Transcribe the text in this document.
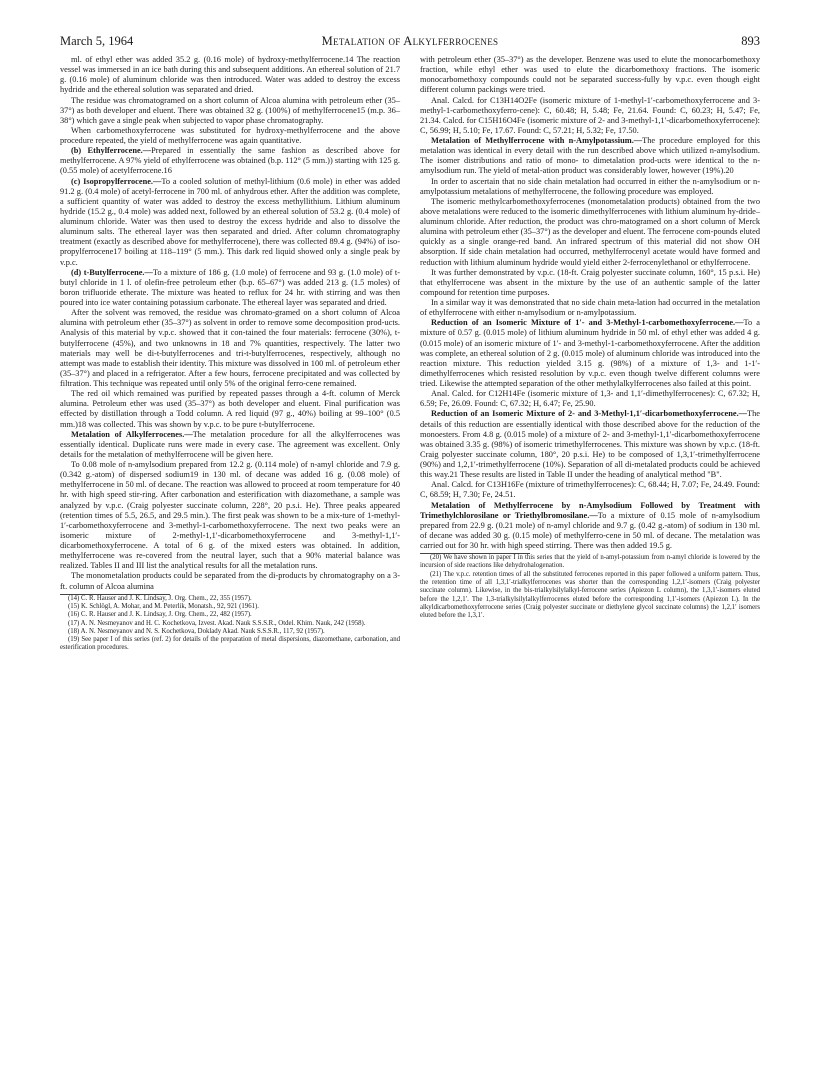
March 5, 1964	Metalation of Alkylferrocenes	893

ml. of ethyl ether was added 35.2 g. (0.16 mole) of hydroxy-methylferrocene.14 The reaction vessel was immersed in an ice bath during this and subsequent additions. An ethereal solution of 21.7 g. (0.16 mole) of aluminum chloride was then introduced. Water was added to destroy the excess hydride and the ethereal solution was separated and dried.

The residue was chromatogramed on a short column of Alcoa alumina with petroleum ether (35–37°) as both developer and eluent. There was obtained 32 g. (100%) of methylferrocene15 (m.p. 36–38°) which gave a single peak when subjected to vapor phase chromatography.

When carbomethoxyferrocene was substituted for hydroxy-methylferrocene and the above procedure repeated, the yield of methylferrocene was again quantitative.

(b) Ethylferrocene.—Prepared in essentially the same fashion as described above for methylferrocene. A 97% yield of ethylferrocene was obtained (b.p. 112° (5 mm.)) starting with 125 g. (0.55 mole) of acetylferrocene.16

(c) Isopropylferrocene.—To a cooled solution of methyl-lithium (0.6 mole) in ether was added 91.2 g. (0.4 mole) of acetyl-ferrocene in 700 ml. of anhydrous ether. After the addition was complete, a sufficient quantity of water was added to destroy the excess methyllithium. Lithium aluminum hydride (15.2 g., 0.4 mole) was added next, followed by an ethereal solution of 53.2 g. (0.4 mole) of aluminum chloride. Water was then used to destroy the excess hydride and also to dissolve the aluminum salts. The ethereal layer was then separated and dried. After column chromatography treatment (exactly as described above for methylferrocene), there was collected 89.4 g. (94%) of iso-propylferrocene17 boiling at 118–119° (5 mm.). This dark red liquid showed only a single peak by v.p.c.

(d) t-Butylferrocene.—To a mixture of 186 g. (1.0 mole) of ferrocene and 93 g. (1.0 mole) of t-butyl chloride in 1 l. of olefin-free petroleum ether (b.p. 65–67°) was added 213 g. (1.5 moles) of boron trifluoride etherate. The mixture was heated to reflux for 24 hr. with stirring and was then poured into ice water containing potassium carbonate. The ethereal layer was separated and dried.

After the solvent was removed, the residue was chromato-gramed on a short column of Alcoa alumina with petroleum ether (35–37°) as solvent in order to remove some decomposition prod-ucts. Analysis of this material by v.p.c. showed that it con-tained the four materials: ferrocene (30%), t-butylferrocene (45%), and two unknowns in 18 and 7% quantities, respectively. The latter two materials may well be di-t-butylferrocenes and tri-t-butylferrocenes, respectively, although no attempt was made to establish their identity. This mixture was dissolved in 100 ml. of petroleum ether (35–37°) and placed in a refrigerator. After a few hours, ferrocene precipitated and was collected by filtration. This technique was repeated until only 5% of the original ferro-cene remained.

The red oil which remained was purified by repeated passes through a 4-ft. column of Merck alumina. Petroleum ether was used (35–37°) as both developer and eluent. Final purification was effected by distillation through a Todd column. A red liquid (97 g., 40%) boiling at 99–100° (0.5 mm.)18 was collected. This was shown by v.p.c. to be pure t-butylferrocene.

Metalation of Alkylferrocenes.—The metalation procedure for all the alkylferrocenes was essentially identical. Duplicate runs were made in every case. The agreement was excellent. Only details for the metalation of methylferrocene will be given here.

To 0.08 mole of n-amylsodium prepared from 12.2 g. (0.114 mole) of n-amyl chloride and 7.9 g. (0.342 g.-atom) of dispersed sodium19 in 130 ml. of decane was added 16 g. (0.08 mole) of methylferrocene in 50 ml. of decane. The reaction was allowed to proceed at room temperature for 40 hr. with high speed stir-ring. After carbonation and esterification with diazomethane, a sample was analyzed by v.p.c. (Craig polyester succinate column, 228°, 20 p.s.i. He). Three peaks appeared (retention times of 5.5, 26.5, and 29.5 min.). The first peak was shown to be a mix-ture of 1-methyl-1′-carbomethoxyferrocene and 3-methyl-1-carbomethoxyferrocene. The next two peaks were an isomeric mixture of 2-methyl-1,1′-dicarbomethoxyferrocene and 3-methyl-1,1′-dicarbomethoxyferrocene. A total of 6 g. of the mixed esters was obtained. In addition, methylferrocene was re-covered from the neutral layer, such that a 90% material balance was realized. Tables II and III list the analytical results for all the metalation runs.

The monometalation products could be separated from the di-products by chromatography on a 3-ft. column of Alcoa alumina

(14) C. R. Hauser and J. K. Lindsay, J. Org. Chem., 22, 355 (1957).

(15) K. Schlögl, A. Mohar, and M. Peterlik, Monatsh., 92, 921 (1961).

(16) C. R. Hauser and J. K. Lindsay, J. Org. Chem., 22, 482 (1957).

(17) A. N. Nesmeyanov and H. C. Kochetkova, Izvest. Akad. Nauk S.S.S.R., Otdel. Khim. Nauk, 242 (1958).

(18) A. N. Nesmeyanov and N. S. Kochetkova, Doklady Akad. Nauk S.S.S.R., 117, 92 (1957).

(19) See paper I of this series (ref. 2) for details of the preparation of metal dispersions, diazomethane, carbonation, and esterification procedures.

with petroleum ether (35–37°) as the developer. Benzene was used to elute the monocarbomethoxy fraction, while ethyl ether was used to elute the dicarbomethoxy fractions. The isomeric monocarbomethoxy compounds could not be separated success-fully by v.p.c. even though eight different column packings were tried.

Anal. Calcd. for C13H14O2Fe (isomeric mixture of 1-methyl-1′-carbomethoxyferrocene and 3-methyl-1-carbomethoxyferro-cene): C, 60.48; H, 5.48; Fe, 21.64. Found: C, 60.23; H, 5.47; Fe, 21.34. Calcd. for C15H16O4Fe (isomeric mixture of 2- and 3-methyl-1,1′-dicarbomethoxyferrocene): C, 56.99; H, 5.10; Fe, 17.67. Found: C, 57.21; H, 5.32; Fe, 17.50.

Metalation of Methylferrocene with n-Amylpotassium.—The procedure employed for this metalation was identical in every detail with the run described above which utilized n-amylsodium. The isomer distributions and ratio of mono- to dimetalation prod-ucts were identical to the n-amylsodium run. The yield of metal-ation product was considerably lower, however (19%).20

In order to ascertain that no side chain metalation had occurred in either the n-amylsodium or n-amylpotassium metalations of methylferrocene, the following procedure was employed.

The isomeric methylcarbomethoxyferrocenes (monometalation products) obtained from the two above metalations were reduced to the isomeric dimethylferrocenes with lithium aluminum hy-dride–aluminum chloride. After reduction, the product was chro-matogramed on a short column of Merck alumina with petroleum ether (35–37°) as the developer and eluent. The ferrocene com-pounds eluted quickly as a single orange-red band. An infrared spectrum of this material did not show OH absorption. If side chain metalation had occurred, methylferrocenyl acetate would have formed and reduction with lithium aluminum hydride would yield either 2-ferrocenylethanol or ethylferrocene.

It was further demonstrated by v.p.c. (18-ft. Craig polyester succinate column, 160°, 15 p.s.i. He) that ethylferrocene was absent in the mixture by the use of an authentic sample of the latter compound for retention time purposes.

In a similar way it was demonstrated that no side chain meta-lation had occurred in the metalation of ethylferrocene with either n-amylsodium or n-amylpotassium.

Reduction of an Isomeric Mixture of 1′- and 3-Methyl-1-carbomethoxyferrocene.—To a mixture of 0.57 g. (0.015 mole) of lithium aluminum hydride in 50 ml. of ethyl ether was added 4 g. (0.015 mole) of an isomeric mixture of 1′- and 3-methyl-1-carbomethoxyferrocene. After the addition was complete, an ethereal solution of 2 g. (0.015 mole) of aluminum chloride was introduced into the reaction mixture. This reduction yielded 3.15 g. (98%) of a mixture of 1,3- and 1-1′-dimethylferrocenes which resisted resolution by v.p.c. even though twelve different columns were tried. Likewise the attempted separation of the other methylalkylferrocenes also failed at this point.

Anal. Calcd. for C12H14Fe (isomeric mixture of 1,3- and 1,1′-dimethylferrocenes): C, 67.32; H, 6.59; Fe, 26.09. Found: C, 67.32; H, 6.47; Fe, 25.90.

Reduction of an Isomeric Mixture of 2- and 3-Methyl-1,1′-dicarbomethoxyferrocene.—The details of this reduction are essentially identical with those described above for the reduction of the monoesters. From 4.8 g. (0.015 mole) of a mixture of 2- and 3-methyl-1,1′-dicarbomethoxyferrocene was obtained 3.35 g. (98%) of isomeric trimethylferrocenes. This mixture was shown by v.p.c. (18-ft. Craig polyester succinate column, 180°, 20 p.s.i. He) to be composed of 1,3,1′-trimethylferrocene (90%) and 1,2,1′-trimethylferrocene (10%). Separation of all di-metalated products could be achieved this way.21 These results are listed in Table II under the heading of analytical method "B".

Anal. Calcd. for C13H16Fe (mixture of trimethylferrocenes): C, 68.44; H, 7.07; Fe, 24.49. Found: C, 68.59; H, 7.30; Fe, 24.51.

Metalation of Methylferrocene by n-Amylsodium Followed by Treatment with Trimethylchlorosilane or Triethylbromosilane.—To a mixture of 0.15 mole of n-amylsodium prepared from 22.9 g. (0.21 mole) of n-amyl chloride and 9.7 g. (0.42 g.-atom) of sodium in 130 ml. of decane was added 30 g. (0.15 mole) of methylferro-cene in 50 ml. of decane. The metalation was carried out for 30 hr. with high speed stirring. There was then added 19.5 g.

(20) We have shown in paper I in this series that the yield of n-amyl-potassium from n-amyl chloride is lowered by the incursion of side reactions like dehydrohalogenation.

(21) The v.p.c. retention times of all the substituted ferrocenes reported in this paper followed a uniform pattern. Thus, the retention time of all 1,3,1′-trialkylferrocenes was shorter than the corresponding 1,2,1′-isomers (Craig polyester succinate column). Likewise, in the bis-trialkylsilylalkyl-ferrocene series (Apiezon L column), the 1,3,1′-isomers eluted before the 1,2,1′. The 1,3-trialkylsilylalkylferrocenes eluted before the corresponding 1,1′-isomers (Apiezon L). In the alkyldicarbomethoxyferrocene series (Craig polyester succinate or diethylene glycol succinate columns) the 1,2,1′ isomers eluted before the 1,3,1′.
